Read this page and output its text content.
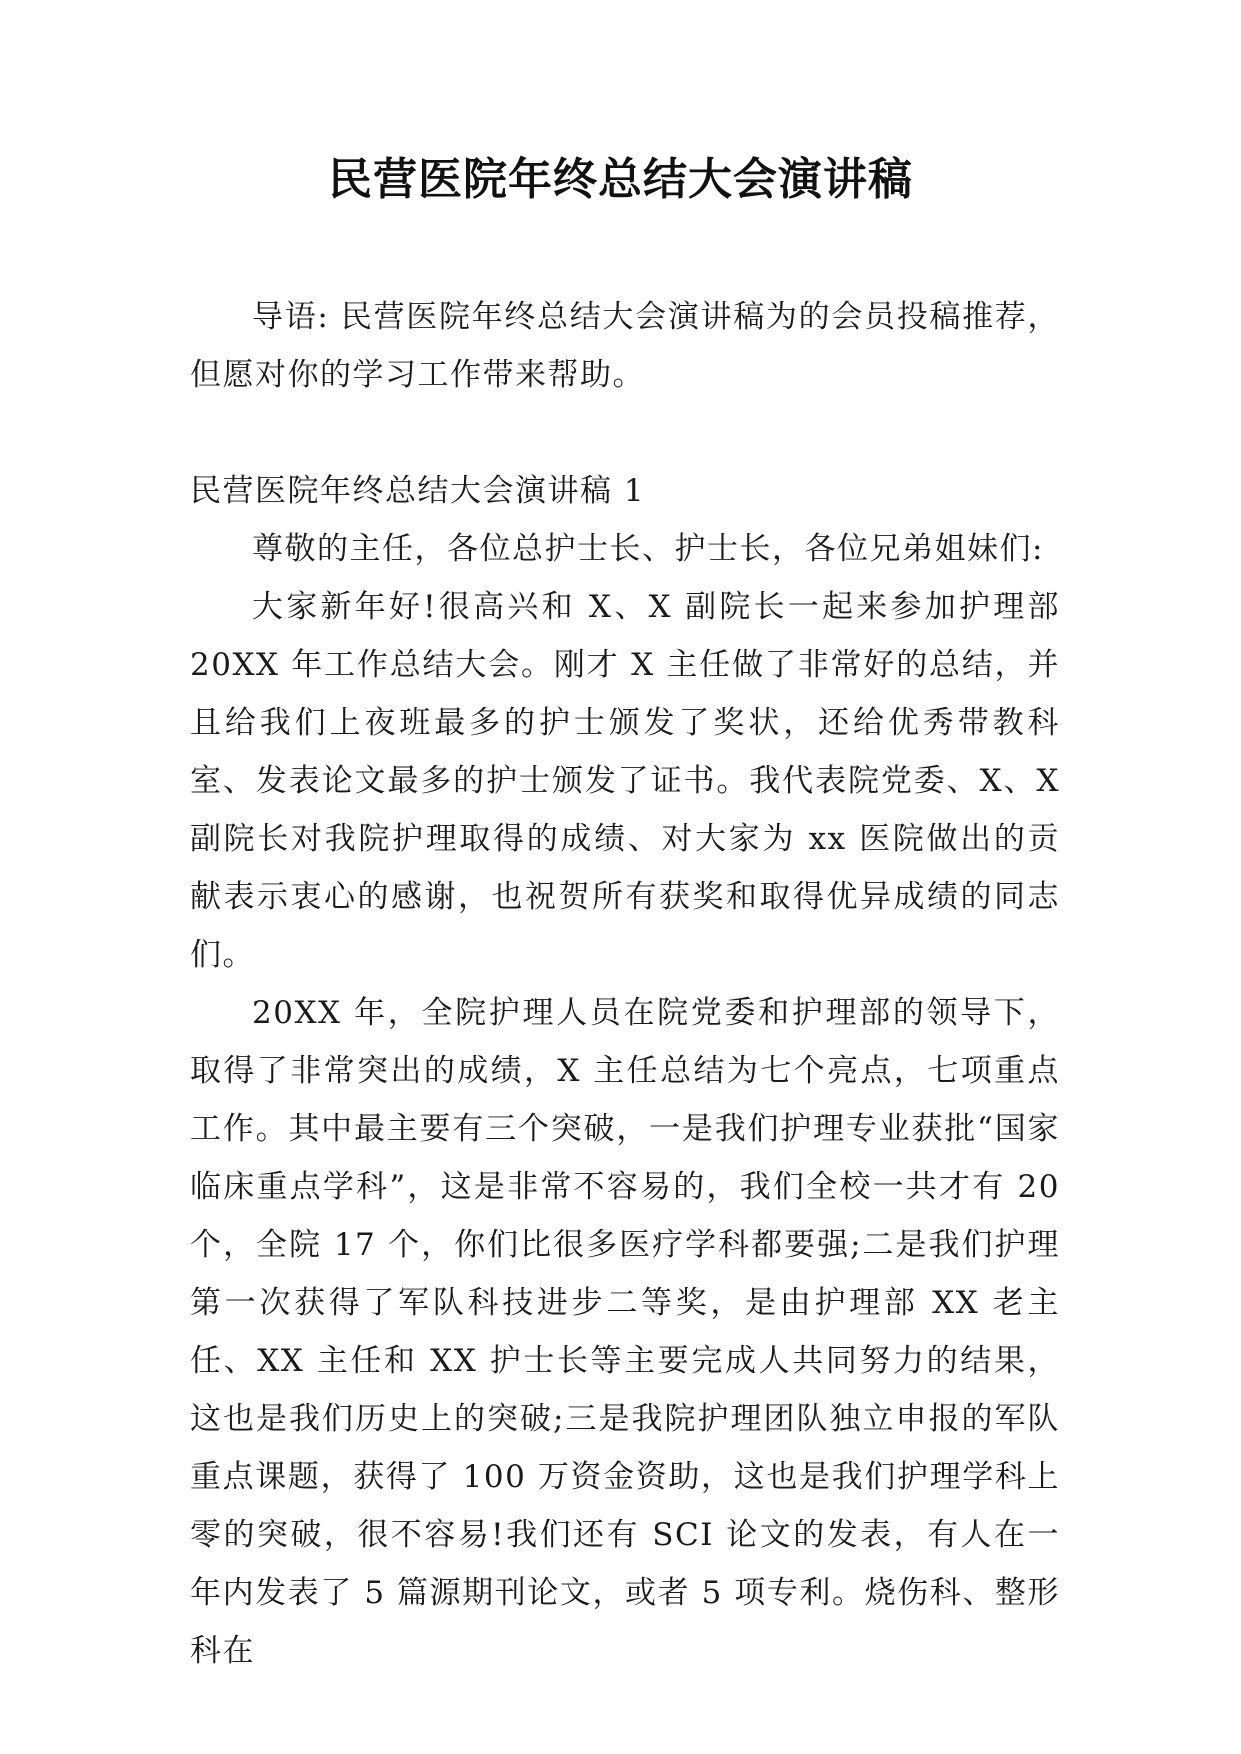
民营医院年终总结大会演讲稿

导语: 民营医院年终总结大会演讲稿为的会员投稿推荐，但愿对你的学习工作带来帮助。

民营医院年终总结大会演讲稿 1

尊敬的主任，各位总护士长、护士长，各位兄弟姐妹们:

大家新年好!很高兴和 X、X 副院长一起来参加护理部 20XX 年工作总结大会。刚才 X 主任做了非常好的总结，并且给我们上夜班最多的护士颁发了奖状，还给优秀带教科室、发表论文最多的护士颁发了证书。我代表院党委、X、X 副院长对我院护理取得的成绩、对大家为 xx 医院做出的贡献表示衷心的感谢，也祝贺所有获奖和取得优异成绩的同志们。

20XX 年，全院护理人员在院党委和护理部的领导下，取得了非常突出的成绩，X 主任总结为七个亮点，七项重点工作。其中最主要有三个突破，一是我们护理专业获批“国家临床重点学科”，这是非常不容易的，我们全校一共才有 20 个，全院 17 个，你们比很多医疗学科都要强;二是我们护理第一次获得了军队科技进步二等奖，是由护理部 XX 老主任、XX 主任和 XX 护士长等主要完成人共同努力的结果，这也是我们历史上的突破;三是我院护理团队独立申报的军队重点课题，获得了 100 万资金资助，这也是我们护理学科上零的突破，很不容易!我们还有 SCI 论文的发表，有人在一年内发表了 5 篇源期刊论文，或者 5 项专利。烧伤科、整形科在
